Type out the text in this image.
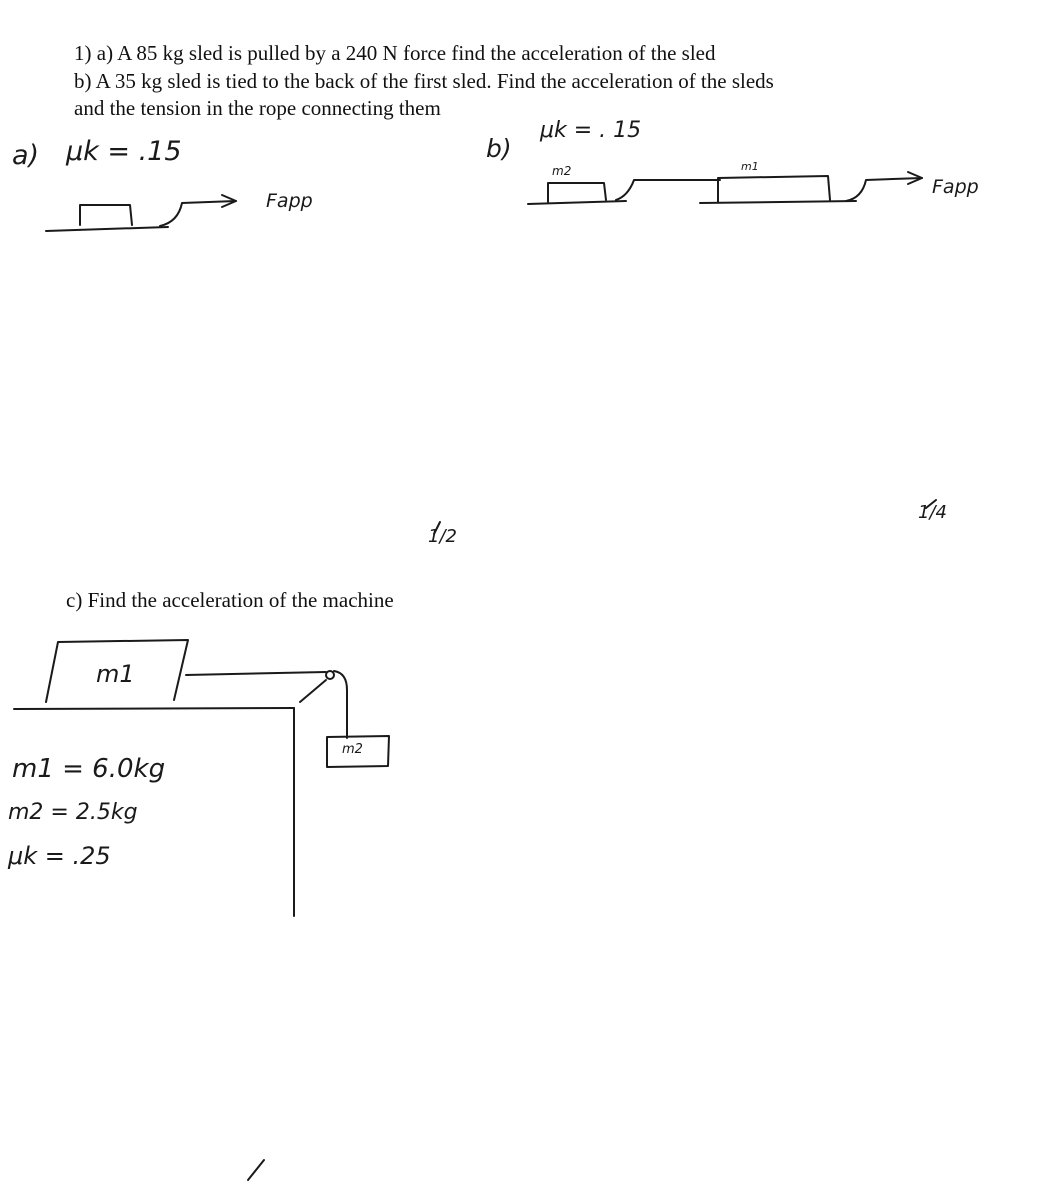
1) a) A 85 kg sled is pulled by a 240 N force find the acceleration of the sled
b) A 35 kg sled is tied to the back of the first sled. Find the acceleration of the sleds
and the tension in the rope connecting them
c) Find the acceleration of the machine
a) μk = .15
Fapp
b)
μk = . 15
m2	m1
Fapp
1/2
1/4
m1
m2
m1 = 6.0kg
m2 = 2.5kg
μk = .25
